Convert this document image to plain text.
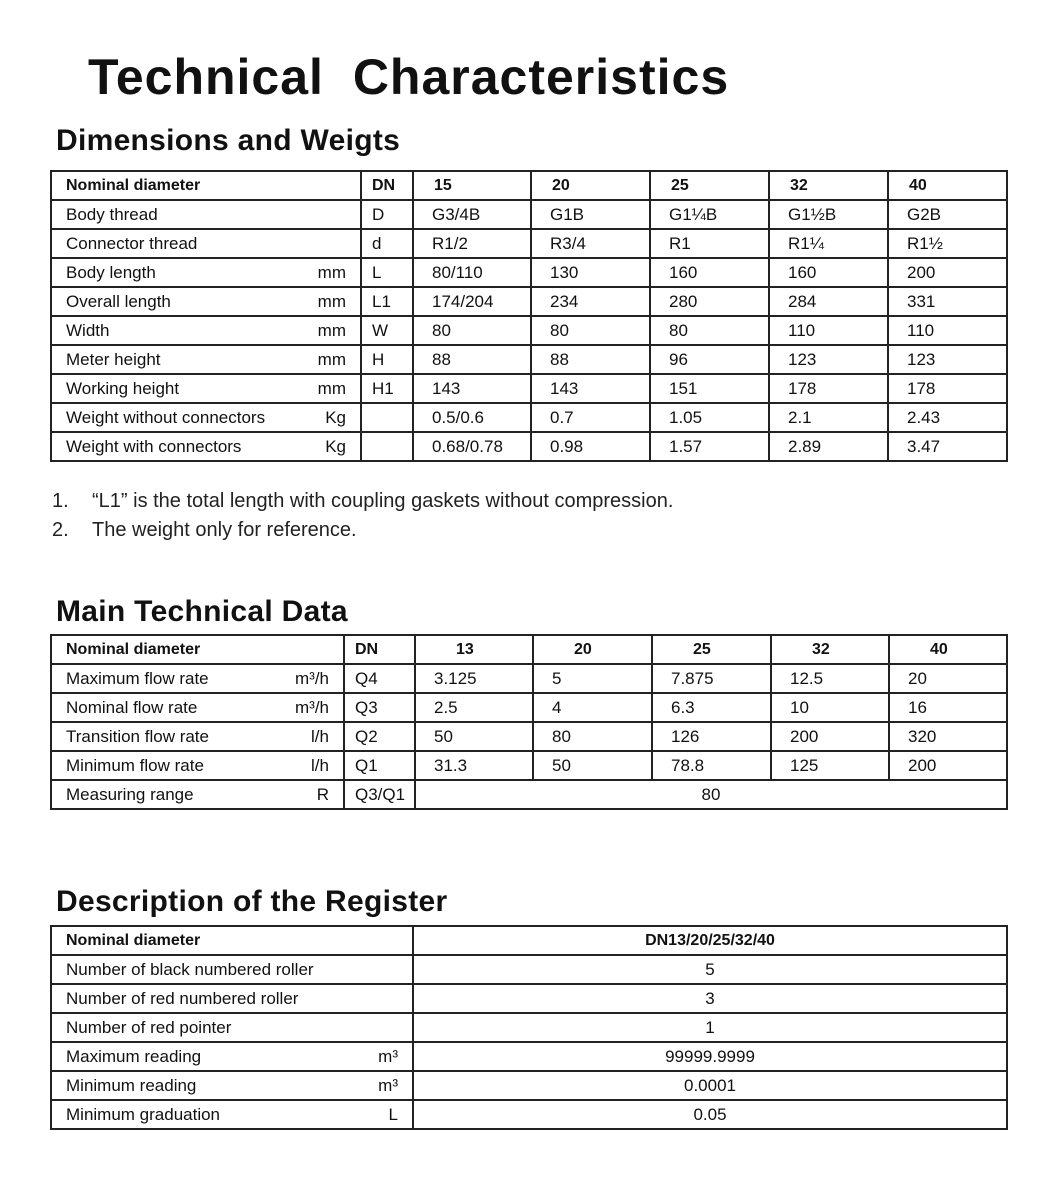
Technical Characteristics
Dimensions and Weigts
Nominal diameter	DN	15	20	25	32	40
Body thread	D	G3/4B	G1B	G1¼B	G1½B	G2B
Connector thread	d	R1/2	R3/4	R1	R1¼	R1½
Body length mm	L	80/110	130	160	160	200
Overall length mm	L1	174/204	234	280	284	331
Width mm	W	80	80	80	110	110
Meter height mm	H	88	88	96	123	123
Working height mm	H1	143	143	151	178	178
Weight without connectors Kg		0.5/0.6	0.7	1.05	2.1	2.43
Weight with connectors Kg		0.68/0.78	0.98	1.57	2.89	3.47
1. “L1” is the total length with coupling gaskets without compression.
2. The weight only for reference.
Main Technical Data
Nominal diameter	DN	13	20	25	32	40
Maximum flow rate m³/h	Q4	3.125	5	7.875	12.5	20
Nominal flow rate m³/h	Q3	2.5	4	6.3	10	16
Transition flow rate l/h	Q2	50	80	126	200	320
Minimum flow rate l/h	Q1	31.3	50	78.8	125	200
Measuring range R	Q3/Q1	80				
Description of the Register
Nominal diameter	DN13/20/25/32/40
Number of black numbered roller	5
Number of red numbered roller	3
Number of red pointer	1
Maximum reading m³	99999.9999
Minimum reading m³	0.0001
Minimum graduation L	0.05
